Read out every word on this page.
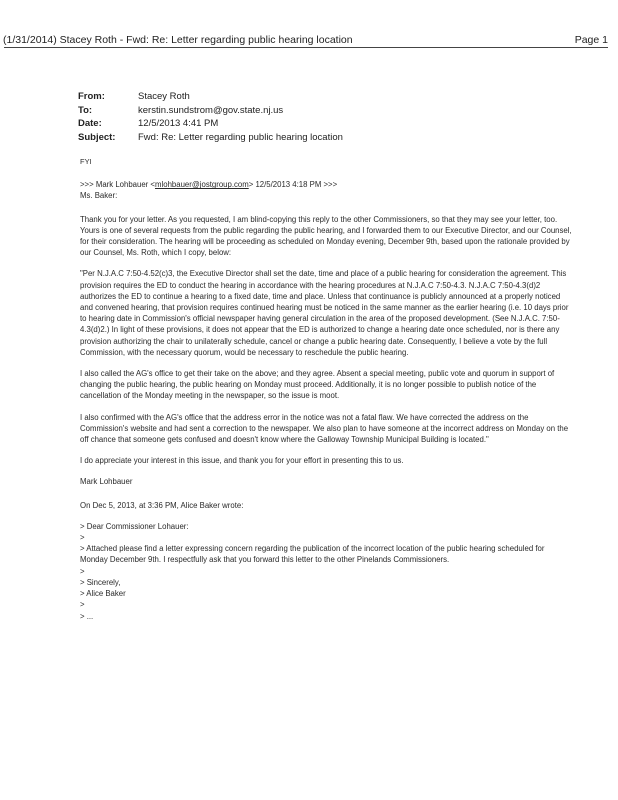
(1/31/2014) Stacey Roth - Fwd: Re: Letter regarding public hearing location	Page 1
From:	Stacey Roth
To:	kerstin.sundstrom@gov.state.nj.us
Date:	12/5/2013 4:41 PM
Subject:	Fwd: Re: Letter regarding public hearing location

FYI

>>> Mark Lohbauer <mlohbauer@jostgroup.com> 12/5/2013 4:18 PM >>>

Ms. Baker:

Thank you for your letter. As you requested, I am blind-copying this reply to the other Commissioners, so that they may see your letter, too. Yours is one of several requests from the public regarding the public hearing, and I forwarded them to our Executive Director, and our Counsel, for their consideration. The hearing will be proceeding as scheduled on Monday evening, December 9th, based upon the rationale provided by our Counsel, Ms. Roth, which I copy, below:

"Per N.J.A.C 7:50-4.52(c)3, the Executive Director shall set the date, time and place of a public hearing for consideration the agreement. This provision requires the ED to conduct the hearing in accordance with the hearing procedures at N.J.A.C 7:50-4.3. N.J.A.C 7:50-4.3(d)2 authorizes the ED to continue a hearing to a fixed date, time and place. Unless that continuance is publicly announced at a properly noticed and convened hearing, that provision requires continued hearing must be noticed in the same manner as the earlier hearing (i.e. 10 days prior to hearing date in Commission's official newspaper having general circulation in the area of the proposed development. (See N.J.A.C. 7:50-4.3(d)2.) In light of these provisions, it does not appear that the ED is authorized to change a hearing date once scheduled, nor is there any provision authorizing the chair to unilaterally schedule, cancel or change a public hearing date. Consequently, I believe a vote by the full Commission, with the necessary quorum, would be necessary to reschedule the public hearing.

I also called the AG's office to get their take on the above; and they agree. Absent a special meeting, public vote and quorum in support of changing the public hearing, the public hearing on Monday must proceed. Additionally, it is no longer possible to publish notice of the cancellation of the Monday meeting in the newspaper, so the issue is moot.

I also confirmed with the AG's office that the address error in the notice was not a fatal flaw. We have corrected the address on the Commission's website and had sent a correction to the newspaper. We also plan to have someone at the incorrect address on Monday on the off chance that someone gets confused and doesn't know where the Galloway Township Municipal Building is located."

I do appreciate your interest in this issue, and thank you for your effort in presenting this to us.

Mark Lohbauer

On Dec 5, 2013, at 3:36 PM, Alice Baker wrote:

> Dear Commissioner Lohauer:

>

> Attached please find a letter expressing concern regarding the publication of the incorrect location of the public hearing scheduled for Monday December 9th. I respectfully ask that you forward this letter to the other Pinelands Commissioners.

>

> Sincerely,

> Alice Baker

>

> ...
